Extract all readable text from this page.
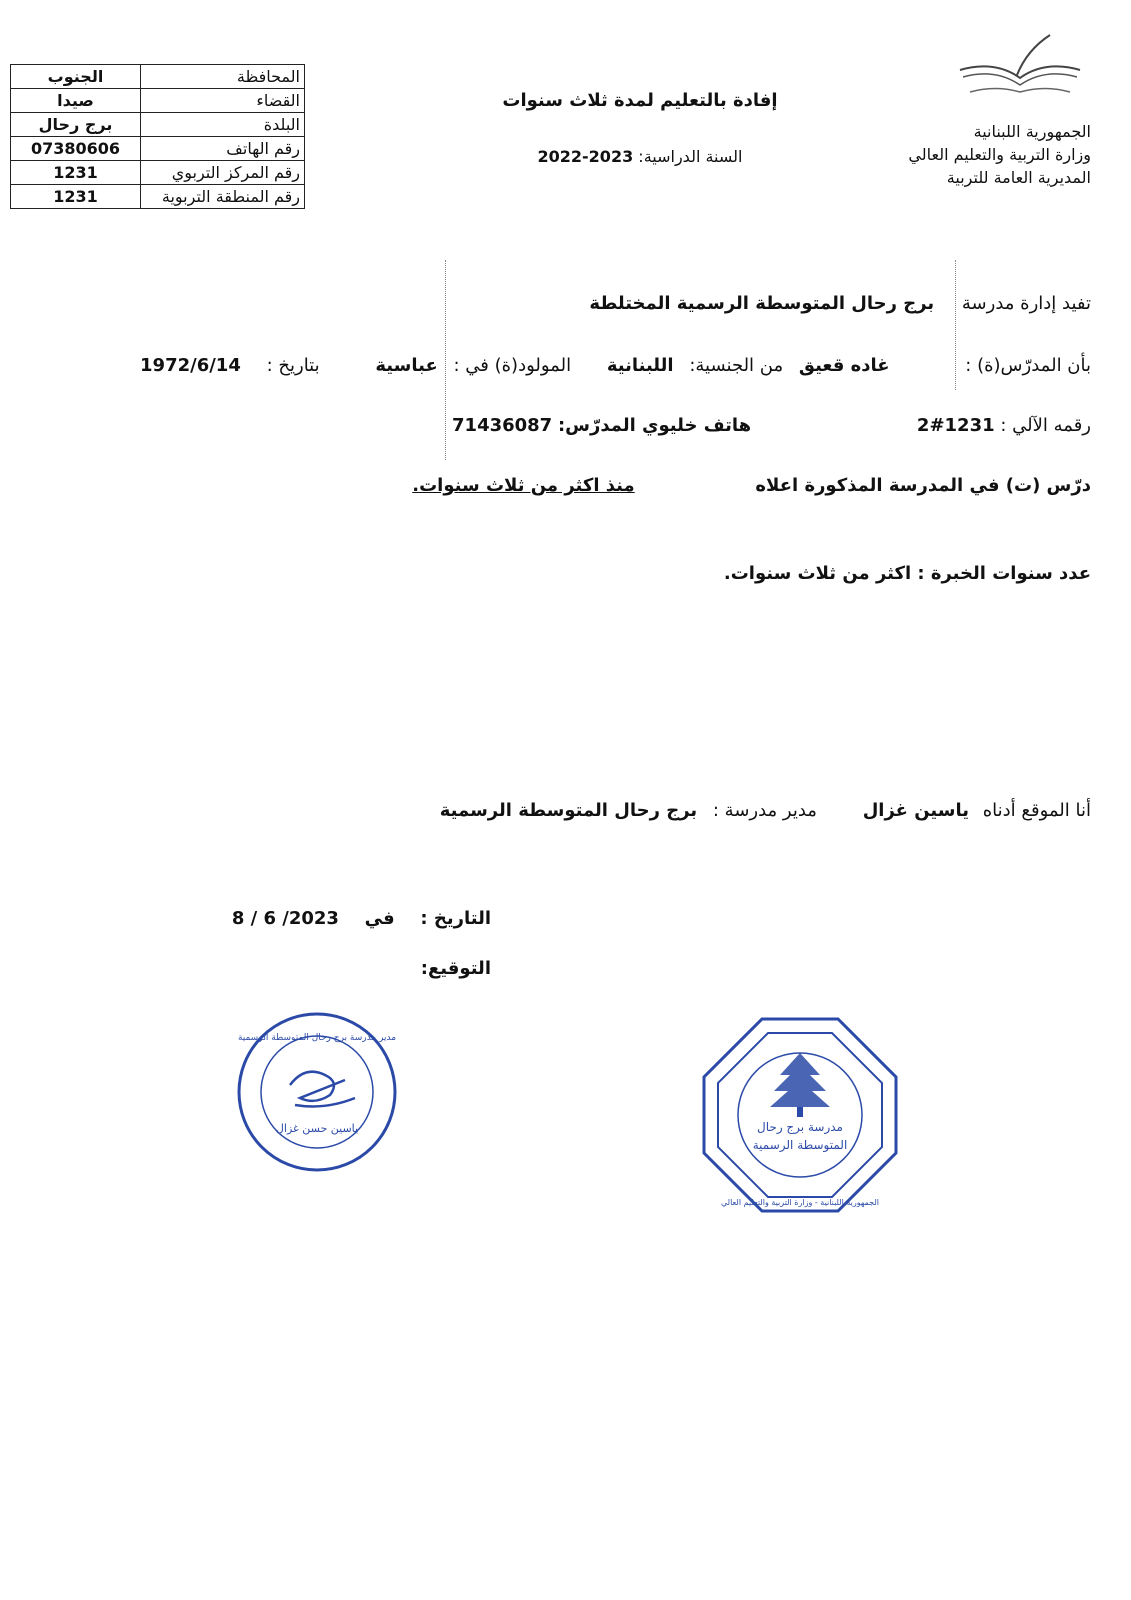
الجمهورية اللبنانية
وزارة التربية والتعليم العالي
المديرية العامة للتربية
إفادة بالتعليم لمدة ثلاث سنوات
السنة الدراسية: 2023-2022
المحافظة	الجنوب
القضاء	صيدا
البلدة	برج رحال
رقم الهاتف	07380606
رقم المركز التربوي	1231
رقم المنطقة التربوية	1231
تفيد إدارة مدرسة برج رحال المتوسطة الرسمية المختلطة
بأن المدرّس(ة) : غاده قعيق من الجنسية: اللبنانية المولود(ة) في : عباسية بتاريخ : 1972/6/14
رقمه الآلي : 1231#2 هاتف خليوي المدرّس: 71436087
درّس (ت) في المدرسة المذكورة اعلاه منذ اكثر من ثلاث سنوات.
عدد سنوات الخبرة : اكثر من ثلاث سنوات.
أنا الموقع أدناه ياسين غزال مدير مدرسة : برج رحال المتوسطة الرسمية
التاريخ : في 2023/ 6 / 8
التوقيع:
مدرسة برج رحال
المتوسطة الرسمية
الجمهورية اللبنانية - وزارة التربية والتعليم العالي
مدير مدرسة برج رحال المتوسطة الرسمية
ياسين حسن غزال
